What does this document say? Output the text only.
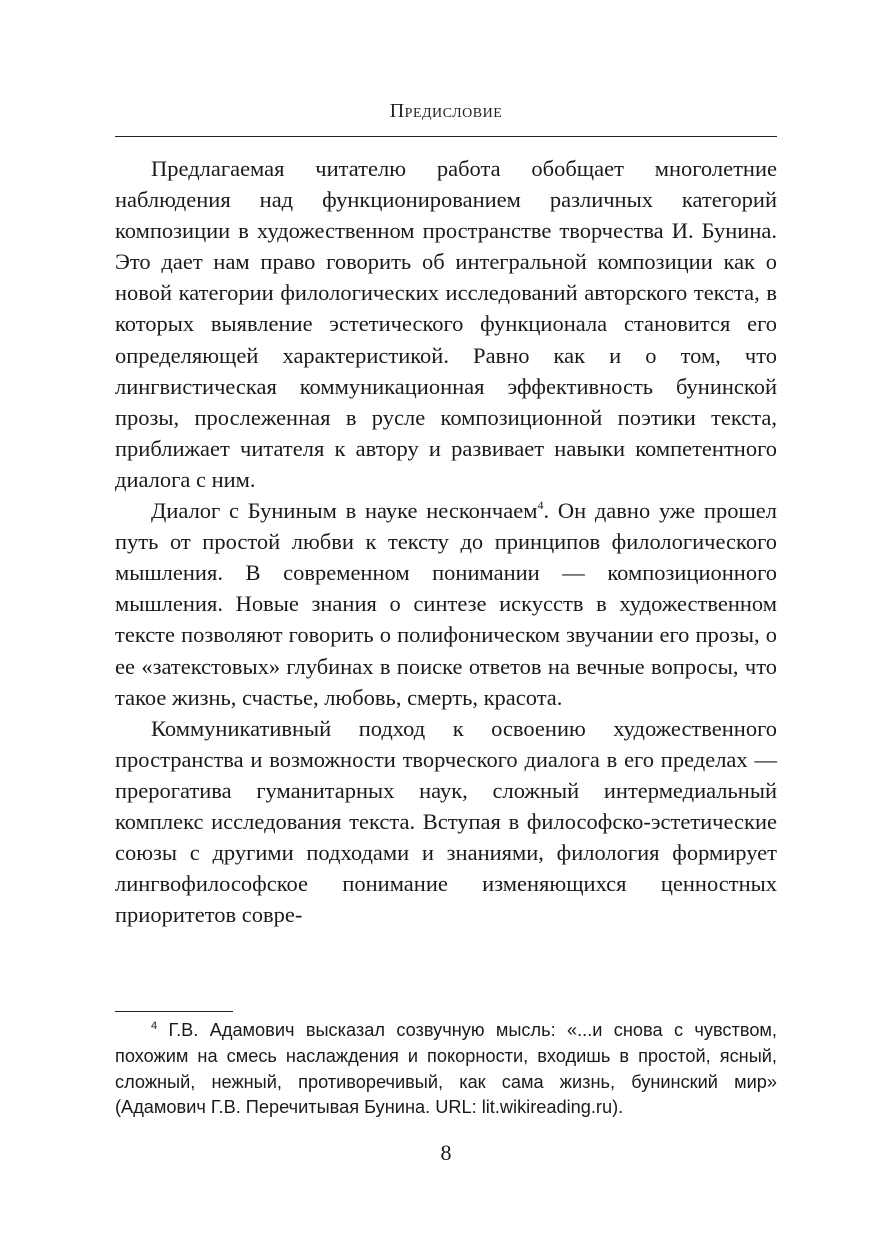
Предисловие

Предлагаемая читателю работа обобщает многолетние наблюдения над функционированием различных категорий композиции в художественном пространстве творчества И. Бунина. Это дает нам право говорить об интегральной композиции как о новой категории филологических исследований авторского текста, в которых выявление эстетического функционала становится его определяющей характеристикой. Равно как и о том, что лингвистическая коммуникационная эффективность бунинской прозы, прослеженная в русле композиционной поэтики текста, приближает читателя к автору и развивает навыки компетентного диалога с ним.

Диалог с Буниным в науке нескончаем$^4$. Он давно уже прошел путь от простой любви к тексту до принципов филологического мышления. В современном понимании — композиционного мышления. Новые знания о синтезе искусств в художественном тексте позволяют говорить о полифоническом звучании его прозы, о ее «затекстовых» глубинах в поиске ответов на вечные вопросы, что такое жизнь, счастье, любовь, смерть, красота.

Коммуникативный подход к освоению художественного пространства и возможности творческого диалога в его пределах — прерогатива гуманитарных наук, сложный интермедиальный комплекс исследования текста. Вступая в философско-эстетические союзы с другими подходами и знаниями, филология формирует лингвофилософское понимание изменяющихся ценностных приоритетов совре-

$^4$ Г.В. Адамович высказал созвучную мысль: «...и снова с чувством, похожим на смесь наслаждения и покорности, входишь в простой, ясный, сложный, нежный, противоречивый, как сама жизнь, бунинский мир» (Адамович Г.В. Перечитывая Бунина. URL: lit.wikireading.ru).

8
